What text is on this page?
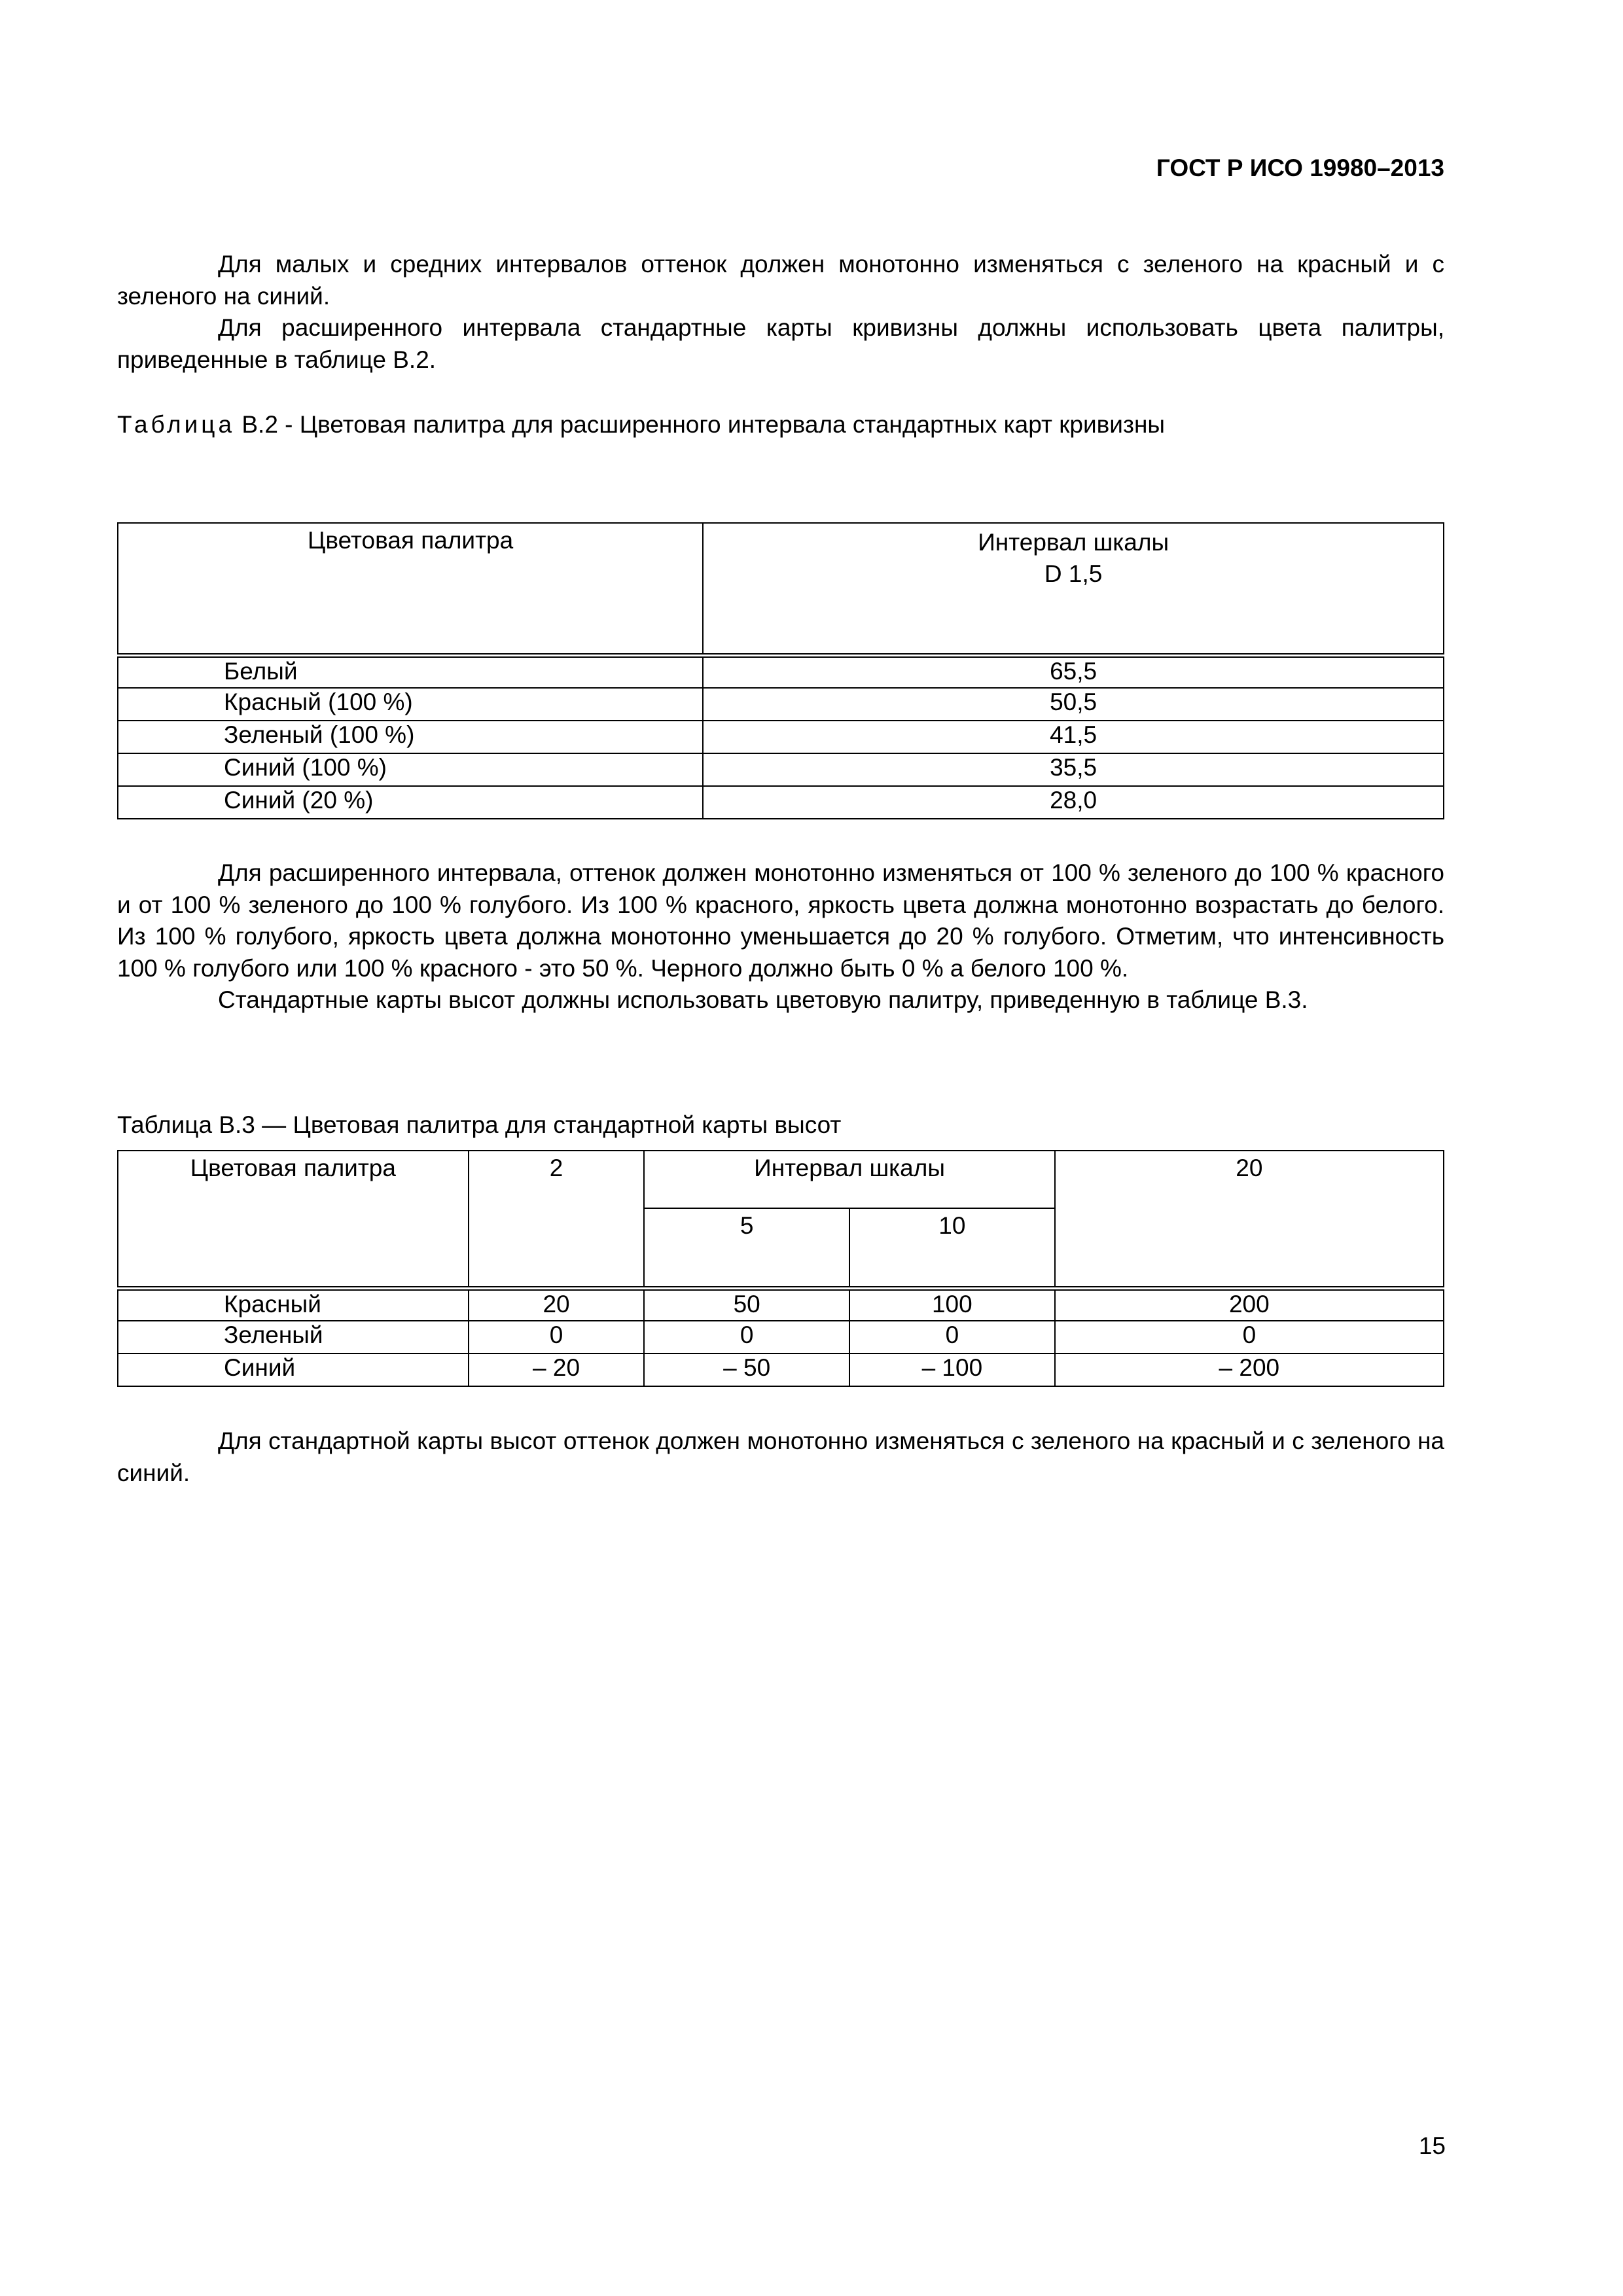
ГОСТ Р ИСО 19980–2013

Для малых и средних интервалов оттенок должен монотонно изменяться с зеленого на красный и с зеленого на синий.

Для расширенного интервала стандартные карты кривизны должны использовать цвета палитры, приведенные в таблице В.2.

Таблица В.2 - Цветовая палитра для расширенного интервала стандартных карт кривизны
Цветовая палитра	Интервал шкалы
D 1,5

Белый	65,5
Красный (100 %)	50,5
Зеленый (100 %)	41,5
Синий (100 %)	35,5
Синий (20 %)	28,0

Для расширенного интервала, оттенок должен монотонно изменяться от 100 % зеленого до 100 % красного и от 100 % зеленого до 100 % голубого. Из 100 % красного, яркость цвета должна монотонно возрастать до белого. Из 100 % голубого, яркость цвета должна монотонно уменьшается до 20 % голубого. Отметим, что интенсивность 100 % голубого или 100 % красного - это 50 %. Черного должно быть 0 % а белого 100 %.

Стандартные карты высот должны использовать цветовую палитру, приведенную в таблице В.3.

Таблица В.3 — Цветовая палитра для стандартной карты высот
Цветовая палитра	2	Интервал шкалы		20
		5	10	
Красный	20	50	100	200
Зеленый	0	0	0	0
Синий	– 20	– 50	– 100	– 200

Для стандартной карты высот оттенок должен монотонно изменяться с зеленого на красный и с зеленого на синий.

15
